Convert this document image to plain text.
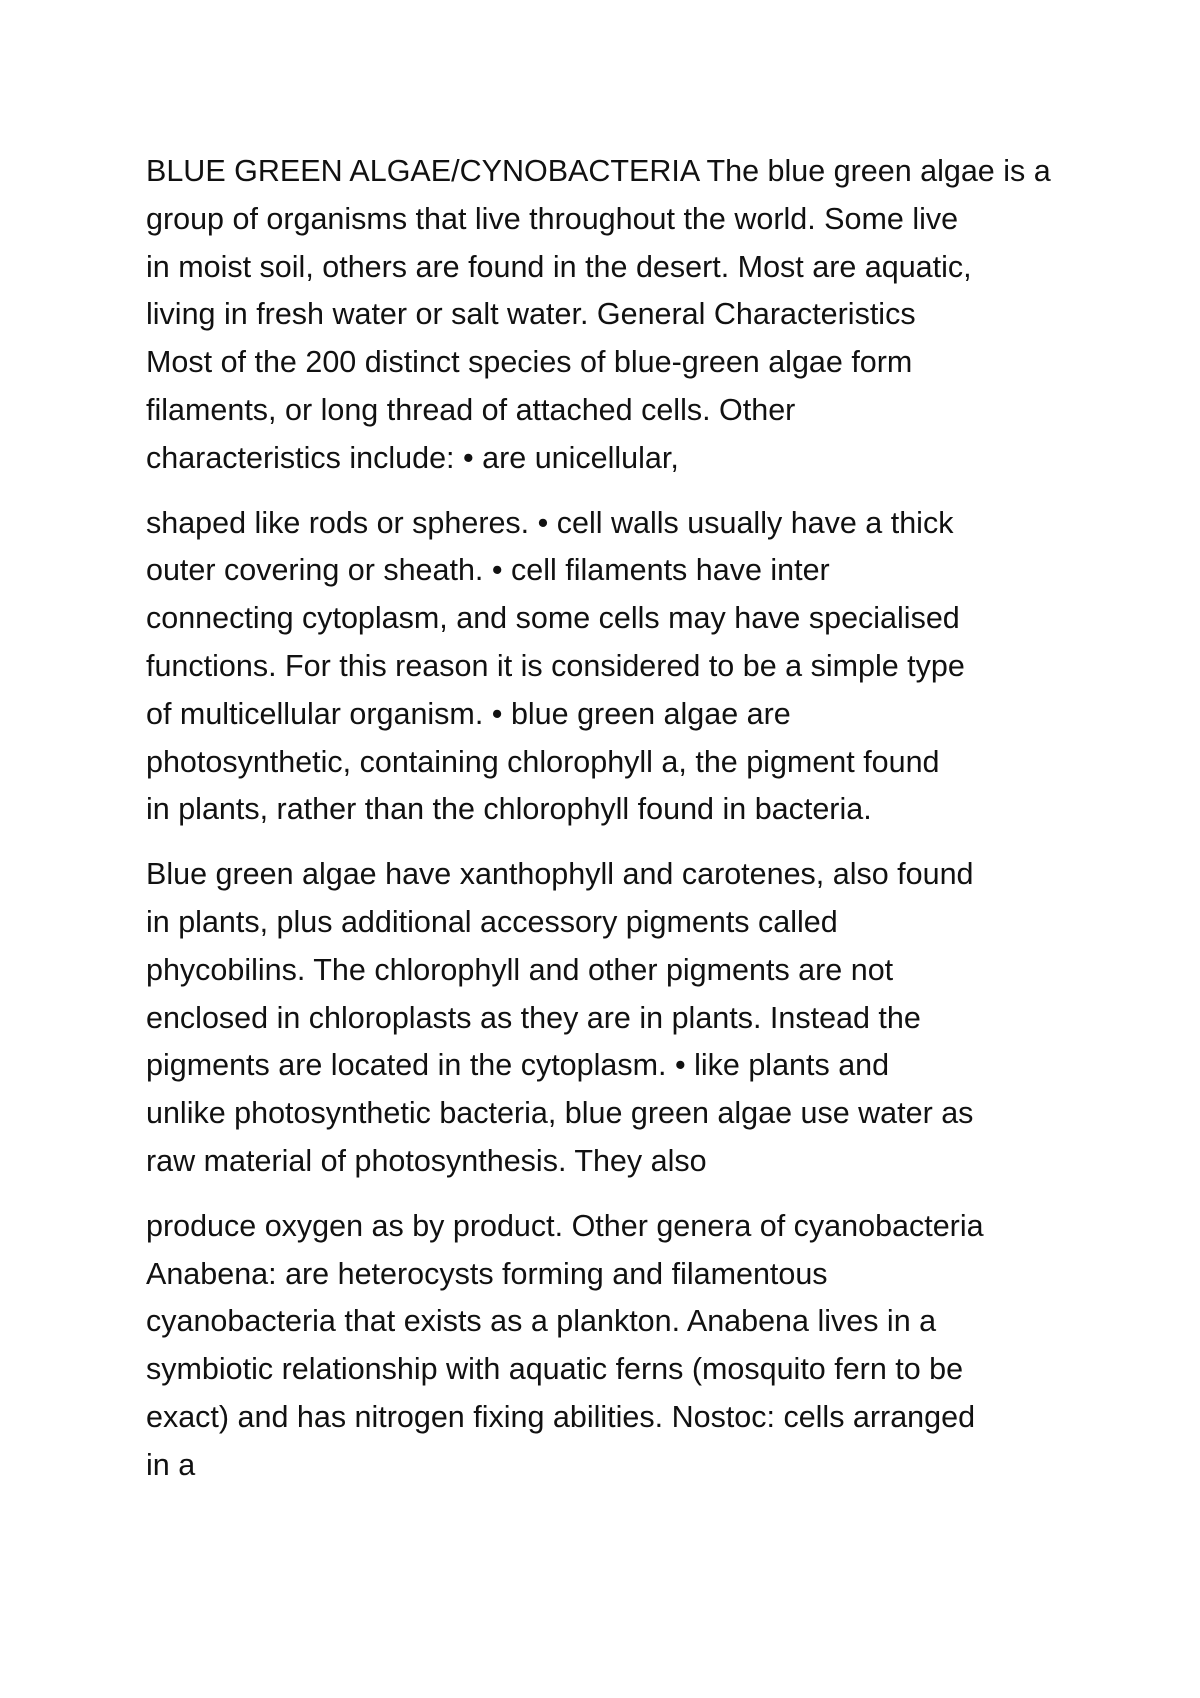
BLUE GREEN ALGAE/CYNOBACTERIA The blue green algae is a
group of organisms that live throughout the world. Some live
in moist soil, others are found in the desert. Most are aquatic,
living in fresh water or salt water. General Characteristics
Most of the 200 distinct species of blue-green algae form
filaments, or long thread of attached cells. Other
characteristics include: • are unicellular,

shaped like rods or spheres. • cell walls usually have a thick
outer covering or sheath. • cell filaments have inter
connecting cytoplasm, and some cells may have specialised
functions. For this reason it is considered to be a simple type
of multicellular organism. • blue green algae are
photosynthetic, containing chlorophyll a, the pigment found
in plants, rather than the chlorophyll found in bacteria.

Blue green algae have xanthophyll and carotenes, also found
in plants, plus additional accessory pigments called
phycobilins. The chlorophyll and other pigments are not
enclosed in chloroplasts as they are in plants. Instead the
pigments are located in the cytoplasm. • like plants and
unlike photosynthetic bacteria, blue green algae use water as
raw material of photosynthesis. They also

produce oxygen as by product. Other genera of cyanobacteria
Anabena: are heterocysts forming and filamentous
cyanobacteria that exists as a plankton. Anabena lives in a
symbiotic relationship with aquatic ferns (mosquito fern to be
exact) and has nitrogen fixing abilities. Nostoc: cells arranged
in a
